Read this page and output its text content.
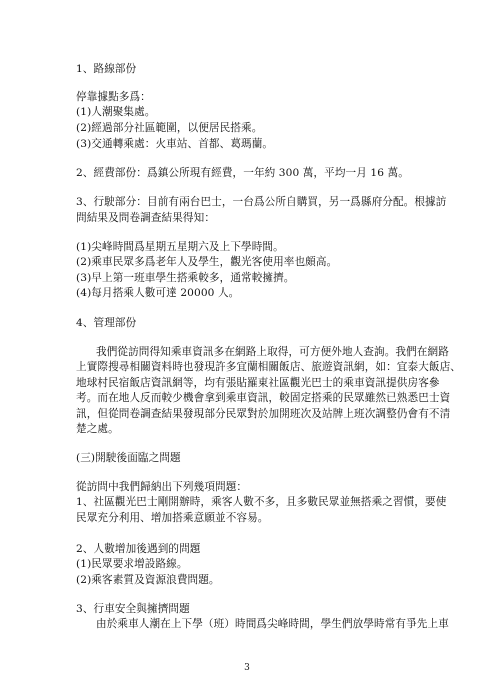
1、路線部份
停靠據點多爲：
(1)人潮聚集處。
(2)經過部分社區範圍，以便居民搭乘。
(3)交通轉乘處：火車站、首都、葛瑪蘭。
2、經費部份：爲鎮公所現有經費，一年約 300 萬，平均一月 16 萬。
3、行駛部分：目前有兩台巴士，一台爲公所自購買，另一爲縣府分配。根據訪
問結果及問卷調查結果得知：
(1)尖峰時間爲星期五星期六及上下學時間。
(2)乘車民眾多爲老年人及學生，觀光客使用率也頗高。
(3)早上第一班車學生搭乘較多，通常較擁擠。
(4)每月搭乘人數可達 20000 人。
4、管理部份
我們從訪問得知乘車資訊多在網路上取得，可方便外地人查詢。我們在網路
上實際搜尋相關資料時也發現許多宜蘭相關飯店、旅遊資訊網，如：宜泰大飯店、
地球村民宿飯店資訊網等，均有張貼羅東社區觀光巴士的乘車資訊提供房客參
考。而在地人反而較少機會拿到乘車資訊，較固定搭乘的民眾雖然已熟悉巴士資
訊，但從問卷調查結果發現部分民眾對於加開班次及站牌上班次調整仍會有不清
楚之處。
(三)開駛後面臨之問題
從訪問中我們歸納出下列幾項問題：
1、社區觀光巴士剛開辦時，乘客人數不多，且多數民眾並無搭乘之習慣，要使
民眾充分利用、增加搭乘意願並不容易。
2、人數增加後遇到的問題
(1)民眾要求增設路線。
(2)乘客素質及資源浪費問題。
3、行車安全與擁擠問題
由於乘車人潮在上下學（班）時間爲尖峰時間，學生們放學時常有爭先上車
3
